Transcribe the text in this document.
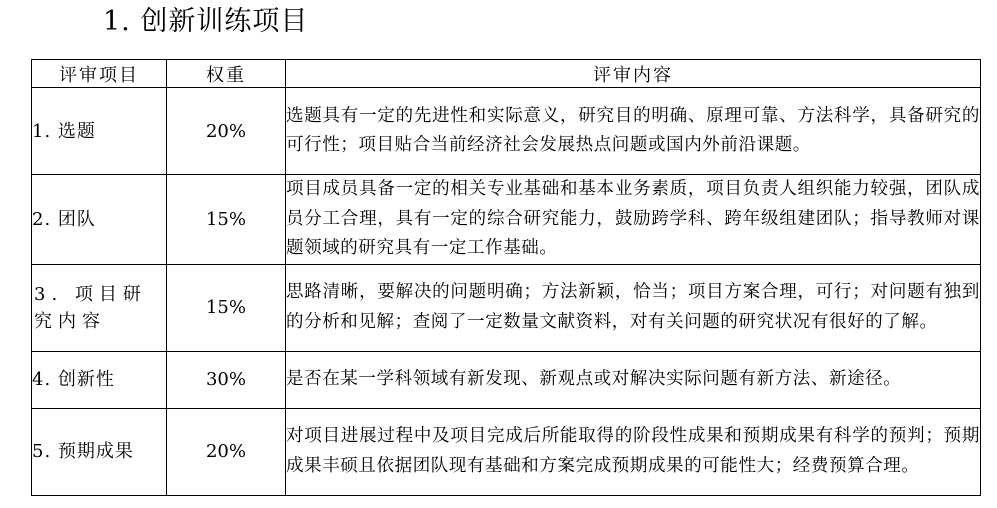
1. 创新训练项目
评审项目	权重	评审内容
1. 选题	20%	选题具有一定的先进性和实际意义，研究目的明确、原理可靠、方法科学，具备研究的可行性；项目贴合当前经济社会发展热点问题或国内外前沿课题。
2. 团队	15%	项目成员具备一定的相关专业基础和基本业务素质，项目负责人组织能力较强，团队成员分工合理，具有一定的综合研究能力，鼓励跨学科、跨年级组建团队；指导教师对课题领域的研究具有一定工作基础。
3. 项目研究内容	15%	思路清晰，要解决的问题明确；方法新颖，恰当；项目方案合理，可行；对问题有独到的分析和见解；查阅了一定数量文献资料，对有关问题的研究状况有很好的了解。
4. 创新性	30%	是否在某一学科领域有新发现、新观点或对解决实际问题有新方法、新途径。
5. 预期成果	20%	对项目进展过程中及项目完成后所能取得的阶段性成果和预期成果有科学的预判；预期成果丰硕且依据团队现有基础和方案完成预期成果的可能性大；经费预算合理。
